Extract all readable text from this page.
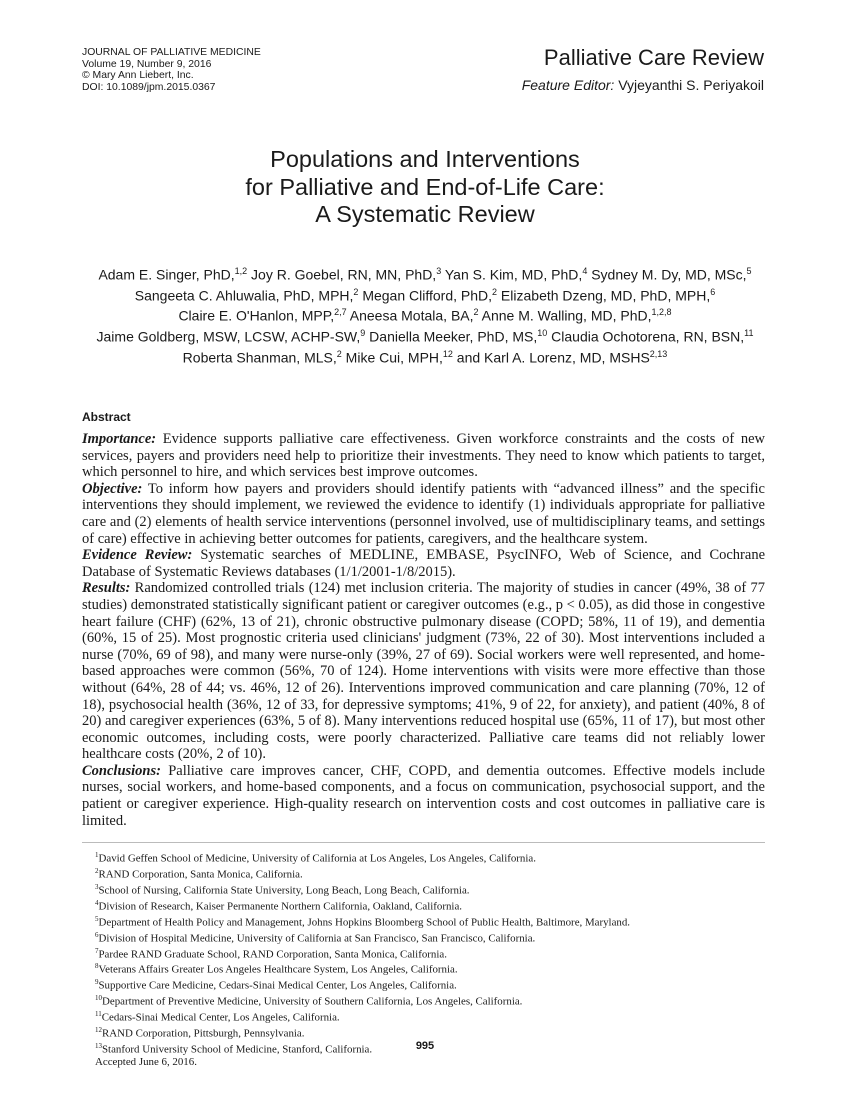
JOURNAL OF PALLIATIVE MEDICINE
Volume 19, Number 9, 2016
© Mary Ann Liebert, Inc.
DOI: 10.1089/jpm.2015.0367
Palliative Care Review
Feature Editor: Vyjeyanthi S. Periyakoil
Populations and Interventions
for Palliative and End-of-Life Care:
A Systematic Review
Adam E. Singer, PhD,$^{1,2}$ Joy R. Goebel, RN, MN, PhD,$^3$ Yan S. Kim, MD, PhD,$^4$ Sydney M. Dy, MD, MSc,$^5$
Sangeeta C. Ahluwalia, PhD, MPH,$^2$ Megan Clifford, PhD,$^2$ Elizabeth Dzeng, MD, PhD, MPH,$^6$
Claire E. O'Hanlon, MPP,$^{2,7}$ Aneesa Motala, BA,$^2$ Anne M. Walling, MD, PhD,$^{1,2,8}$
Jaime Goldberg, MSW, LCSW, ACHP-SW,$^9$ Daniella Meeker, PhD, MS,$^{10}$ Claudia Ochotorena, RN, BSN,$^{11}$
Roberta Shanman, MLS,$^2$ Mike Cui, MPH,$^{12}$ and Karl A. Lorenz, MD, MSHS$^{2,13}$
Abstract

Importance: Evidence supports palliative care effectiveness. Given workforce constraints and the costs of new services, payers and providers need help to prioritize their investments. They need to know which patients to target, which personnel to hire, and which services best improve outcomes.

Objective: To inform how payers and providers should identify patients with “advanced illness” and the specific interventions they should implement, we reviewed the evidence to identify (1) individuals appropriate for palliative care and (2) elements of health service interventions (personnel involved, use of multidisciplinary teams, and settings of care) effective in achieving better outcomes for patients, caregivers, and the healthcare system.

Evidence Review: Systematic searches of MEDLINE, EMBASE, PsycINFO, Web of Science, and Cochrane Database of Systematic Reviews databases (1/1/2001-1/8/2015).

Results: Randomized controlled trials (124) met inclusion criteria. The majority of studies in cancer (49%, 38 of 77 studies) demonstrated statistically significant patient or caregiver outcomes (e.g., p < 0.05), as did those in congestive heart failure (CHF) (62%, 13 of 21), chronic obstructive pulmonary disease (COPD; 58%, 11 of 19), and dementia (60%, 15 of 25). Most prognostic criteria used clinicians' judgment (73%, 22 of 30). Most interventions included a nurse (70%, 69 of 98), and many were nurse-only (39%, 27 of 69). Social workers were well represented, and home-based approaches were common (56%, 70 of 124). Home interventions with visits were more effective than those without (64%, 28 of 44; vs. 46%, 12 of 26). Interventions improved communication and care planning (70%, 12 of 18), psychosocial health (36%, 12 of 33, for depressive symptoms; 41%, 9 of 22, for anxiety), and patient (40%, 8 of 20) and caregiver experiences (63%, 5 of 8). Many interventions reduced hospital use (65%, 11 of 17), but most other economic outcomes, including costs, were poorly characterized. Palliative care teams did not reliably lower healthcare costs (20%, 2 of 10).

Conclusions: Palliative care improves cancer, CHF, COPD, and dementia outcomes. Effective models include nurses, social workers, and home-based components, and a focus on communication, psychosocial support, and the patient or caregiver experience. High-quality research on intervention costs and cost outcomes in palliative care is limited.

$^1$David Geffen School of Medicine, University of California at Los Angeles, Los Angeles, California.
$^2$RAND Corporation, Santa Monica, California.
$^3$School of Nursing, California State University, Long Beach, Long Beach, California.
$^4$Division of Research, Kaiser Permanente Northern California, Oakland, California.
$^5$Department of Health Policy and Management, Johns Hopkins Bloomberg School of Public Health, Baltimore, Maryland.
$^6$Division of Hospital Medicine, University of California at San Francisco, San Francisco, California.
$^7$Pardee RAND Graduate School, RAND Corporation, Santa Monica, California.
$^8$Veterans Affairs Greater Los Angeles Healthcare System, Los Angeles, California.
$^9$Supportive Care Medicine, Cedars-Sinai Medical Center, Los Angeles, California.
$^{10}$Department of Preventive Medicine, University of Southern California, Los Angeles, California.
$^{11}$Cedars-Sinai Medical Center, Los Angeles, California.
$^{12}$RAND Corporation, Pittsburgh, Pennsylvania.
$^{13}$Stanford University School of Medicine, Stanford, California.
Accepted June 6, 2016.
995
